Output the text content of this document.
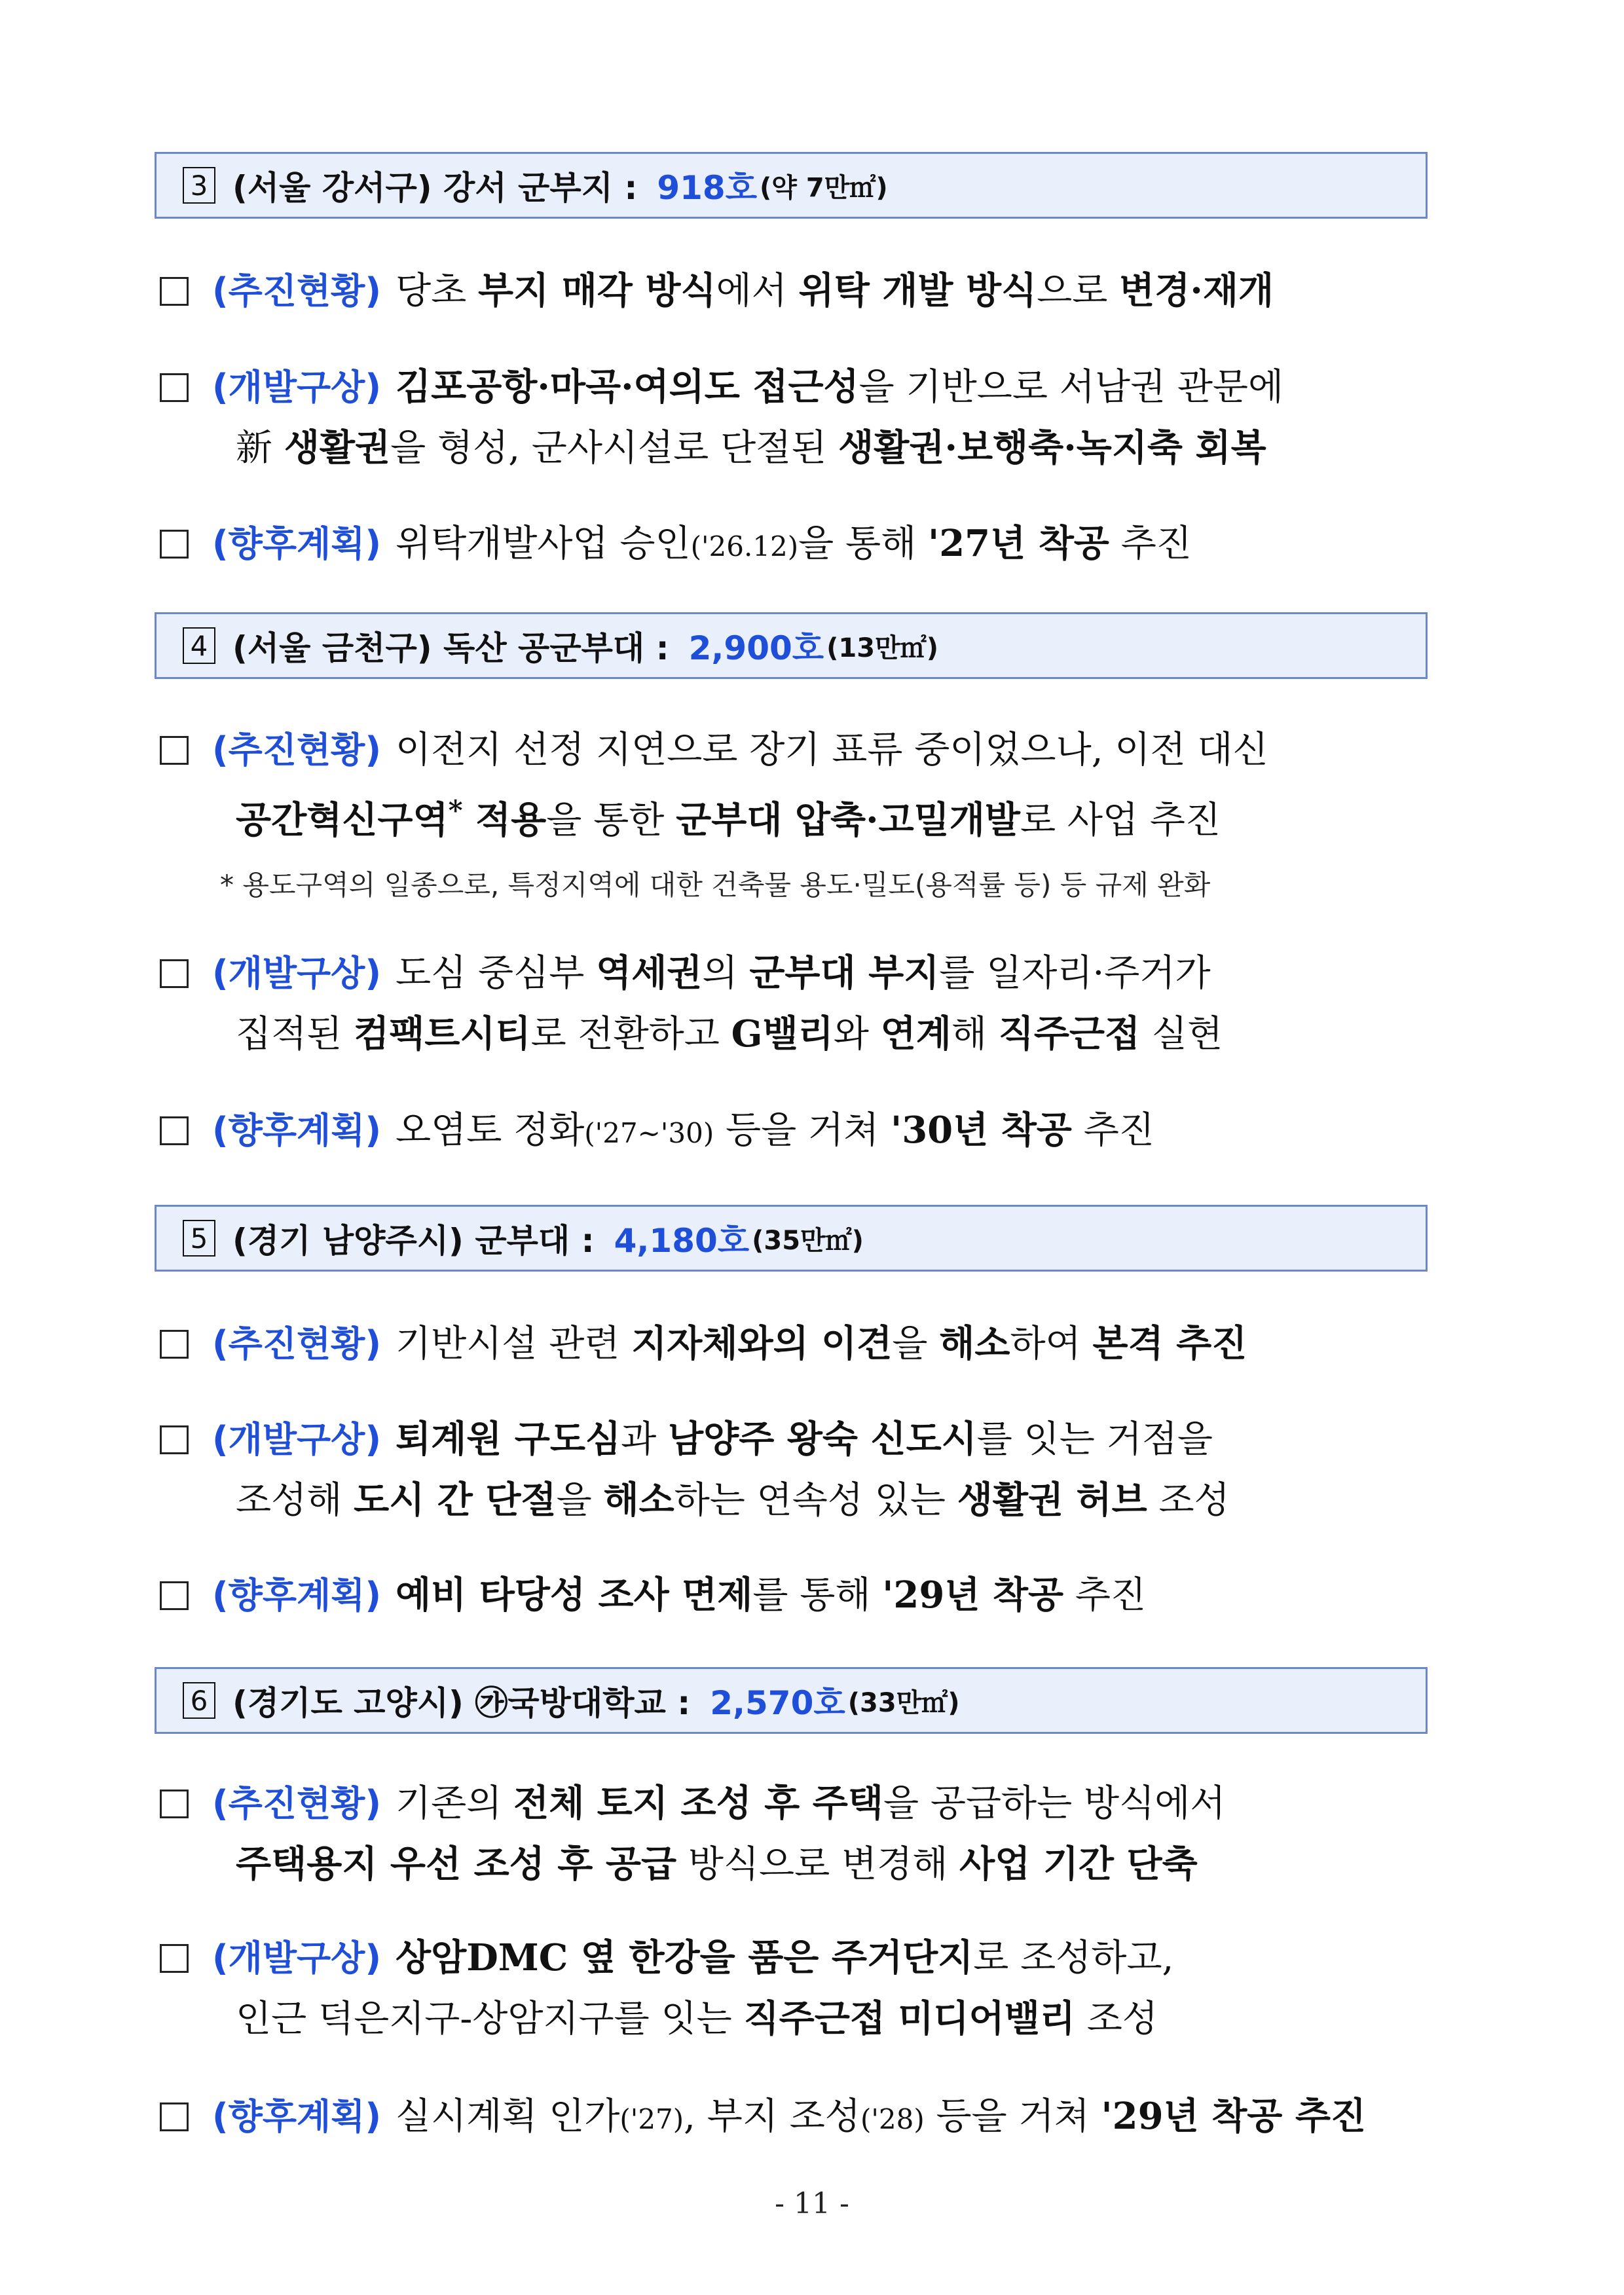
3 (서울 강서구) 강서 군부지 : 918호 (약 7만㎡)
(추진현황) 당초 부지 매각 방식에서 위탁 개발 방식으로 변경·재개
(개발구상) 김포공항·마곡·여의도 접근성을 기반으로 서남권 관문에
新 생활권을 형성, 군사시설로 단절된 생활권·보행축·녹지축 회복
(향후계획) 위탁개발사업 승인('26.12)을 통해 '27년 착공 추진
4 (서울 금천구) 독산 공군부대 : 2,900호 (13만㎡)
(추진현황) 이전지 선정 지연으로 장기 표류 중이었으나, 이전 대신
공간혁신구역* 적용을 통한 군부대 압축·고밀개발로 사업 추진
* 용도구역의 일종으로, 특정지역에 대한 건축물 용도·밀도(용적률 등) 등 규제 완화
(개발구상) 도심 중심부 역세권의 군부대 부지를 일자리·주거가
집적된 컴팩트시티로 전환하고 G밸리와 연계해 직주근접 실현
(향후계획) 오염토 정화('27~'30) 등을 거쳐 '30년 착공 추진
5 (경기 남양주시) 군부대 : 4,180호 (35만㎡)
(추진현황) 기반시설 관련 지자체와의 이견을 해소하여 본격 추진
(개발구상) 퇴계원 구도심과 남양주 왕숙 신도시를 잇는 거점을
조성해 도시 간 단절을 해소하는 연속성 있는 생활권 허브 조성
(향후계획) 예비 타당성 조사 면제를 통해 '29년 착공 추진
6 (경기도 고양시) ㉮국방대학교 : 2,570호 (33만㎡)
(추진현황) 기존의 전체 토지 조성 후 주택을 공급하는 방식에서
주택용지 우선 조성 후 공급 방식으로 변경해 사업 기간 단축
(개발구상) 상암DMC 옆 한강을 품은 주거단지로 조성하고,
인근 덕은지구-상암지구를 잇는 직주근접 미디어밸리 조성
(향후계획) 실시계획 인가('27), 부지 조성('28) 등을 거쳐 '29년 착공 추진
- 11 -
